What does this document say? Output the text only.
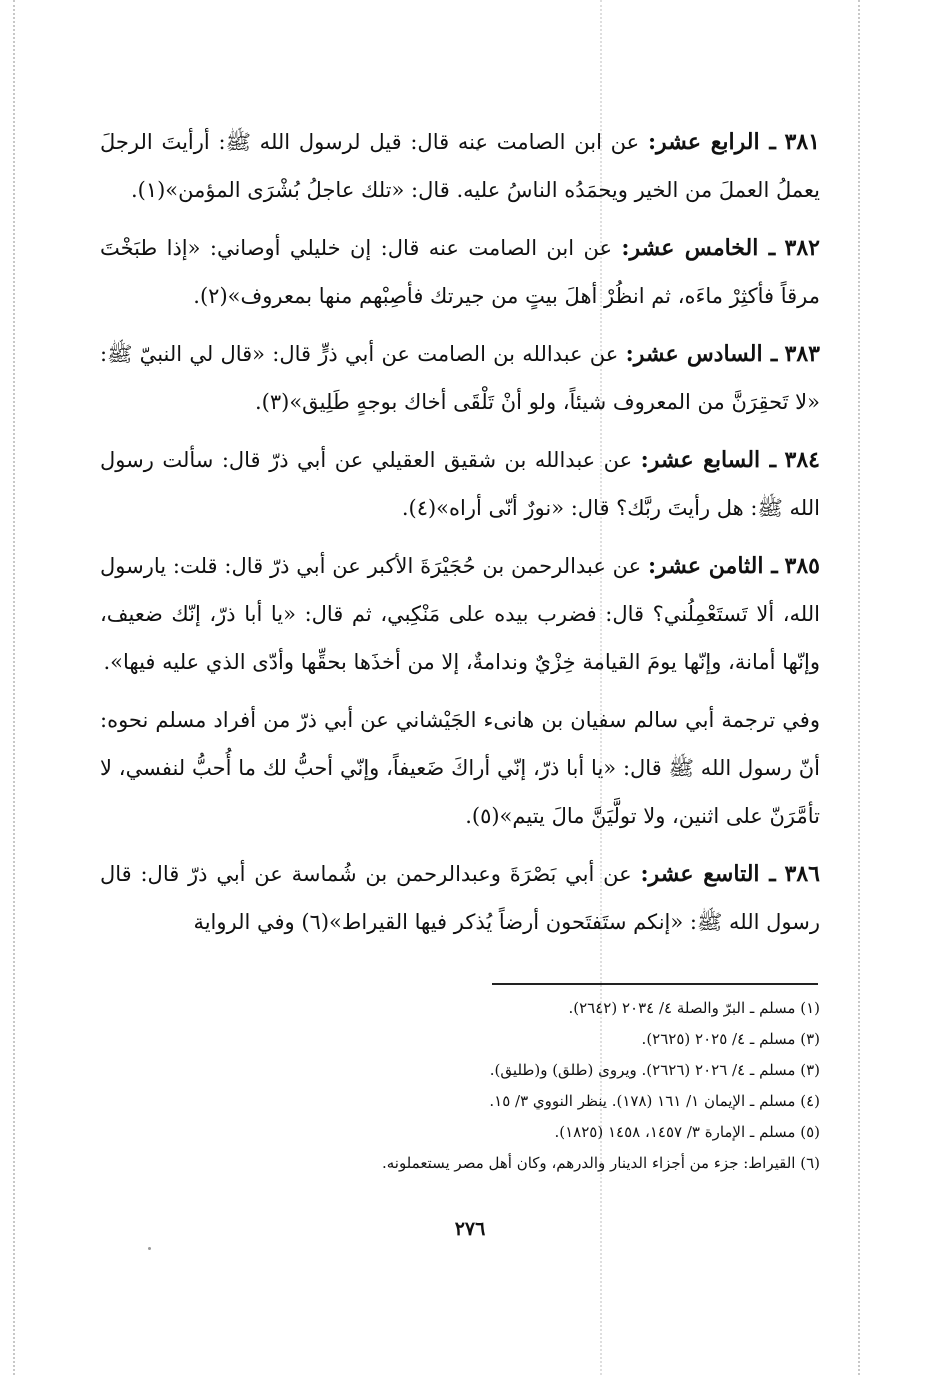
٣٨١ ـ الرابع عشر: عن ابن الصامت عنه قال: قيل لرسول الله ﷺ: أرأيتَ الرجلَ يعملُ العملَ من الخير ويحمَدُه الناسُ عليه. قال: «تلك عاجلُ بُشْرَى المؤمن»(١).

٣٨٢ ـ الخامس عشر: عن ابن الصامت عنه قال: إن خليلي أوصاني: «إذا طبَخْتَ مرقاً فأكثِرْ ماءَه، ثم انظُرْ أهلَ بيتٍ من جيرتك فأصِبْهم منها بمعروف»(٢).

٣٨٣ ـ السادس عشر: عن عبدالله بن الصامت عن أبي ذرٍّ قال: «قال لي النبيّ ﷺ: «لا تَحقِرَنَّ من المعروف شيئاً، ولو أنْ تَلْقَى أخاك بوجهٍ طَلِيق»(٣).

٣٨٤ ـ السابع عشر: عن عبدالله بن شقيق العقيلي عن أبي ذرّ قال: سألت رسول الله ﷺ: هل رأيتَ ربَّك؟ قال: «نورٌ أنّى أراه»(٤).

٣٨٥ ـ الثامن عشر: عن عبدالرحمن بن حُجَيْرَةَ الأكبر عن أبي ذرّ قال: قلت: يارسول الله، ألا تَستَعْمِلُني؟ قال: فضرب بيده على مَنْكِبي، ثم قال: «يا أبا ذرّ، إنّك ضعيف، وإنّها أمانة، وإنّها يومَ القيامة خِزْيٌ وندامةٌ، إلا من أخذَها بحقِّها وأدّى الذي عليه فيها».

وفي ترجمة أبي سالم سفيان بن هانىء الجَيْشاني عن أبي ذرّ من أفراد مسلم نحوه: أنّ رسول الله ﷺ قال: «يا أبا ذرّ، إنّي أراكَ ضَعيفاً، وإنّي أحبُّ لك ما أُحبُّ لنفسي، لا تأمَّرَنّ على اثنين، ولا تولَّيَنَّ مالَ يتيم»(٥).

٣٨٦ ـ التاسع عشر: عن أبي بَصْرَةَ وعبدالرحمن بن شُماسة عن أبي ذرّ قال: قال رسول الله ﷺ: «إنكم ستَفتَحون أرضاً يُذكر فيها القيراط»(٦) وفي الرواية

(١) مسلم ـ البرّ والصلة ٤/ ٢٠٣٤ (٢٦٤٢).

(٣) مسلم ـ ٤/ ٢٠٢٥ (٢٦٢٥).

(٣) مسلم ـ ٤/ ٢٠٢٦ (٢٦٢٦). ويروى (طلق) و(طليق).

(٤) مسلم ـ الإيمان ١/ ١٦١ (١٧٨). ينظر النووي ٣/ ١٥.

(٥) مسلم ـ الإمارة ٣/ ١٤٥٧، ١٤٥٨ (١٨٢٥).

(٦) القيراط: جزء من أجزاء الدينار والدرهم، وكان أهل مصر يستعملونه.

٢٧٦
